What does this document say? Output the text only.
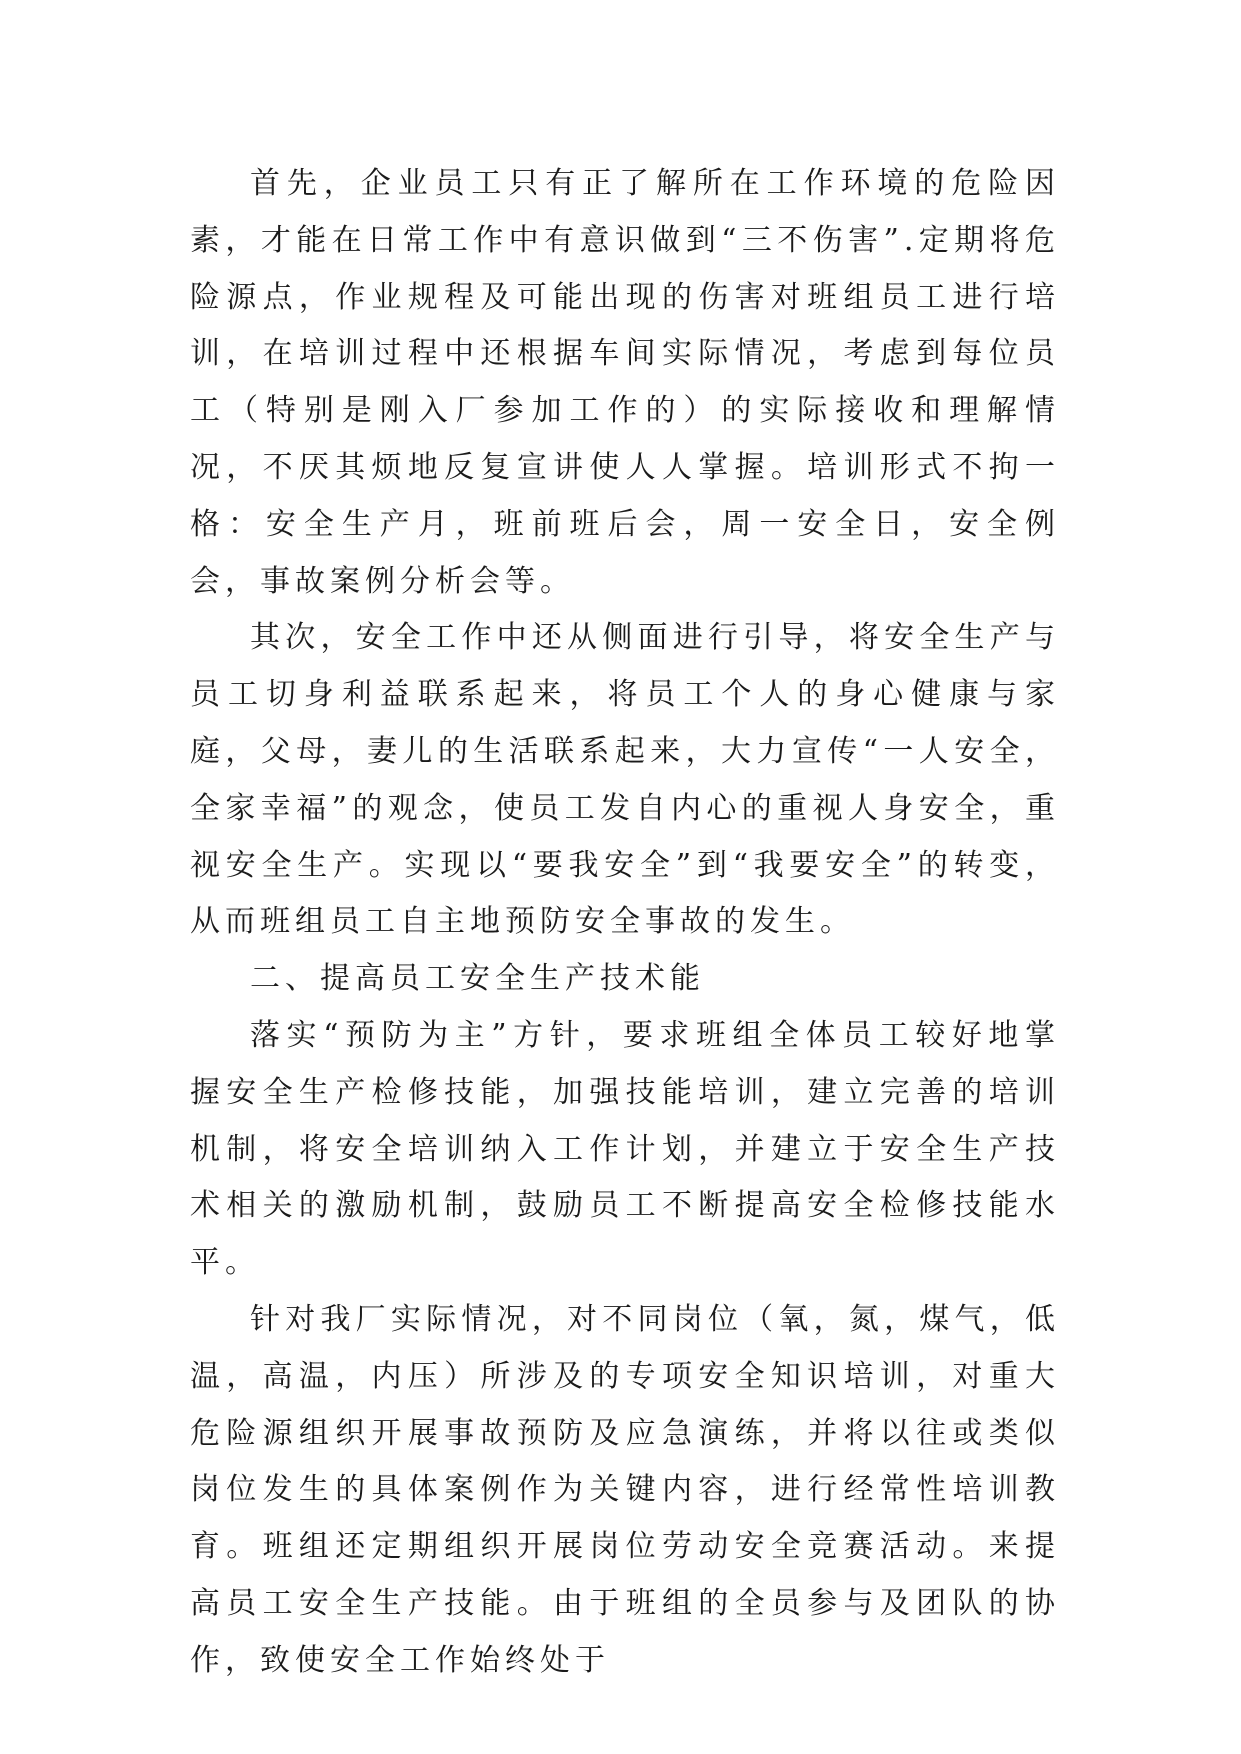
首先，企业员工只有正了解所在工作环境的危险因素，才能在日常工作中有意识做到“三不伤害”.定期将危险源点，作业规程及可能出现的伤害对班组员工进行培训，在培训过程中还根据车间实际情况，考虑到每位员工（特别是刚入厂参加工作的）的实际接收和理解情况，不厌其烦地反复宣讲使人人掌握。培训形式不拘一格：安全生产月，班前班后会，周一安全日，安全例会，事故案例分析会等。

其次，安全工作中还从侧面进行引导，将安全生产与员工切身利益联系起来，将员工个人的身心健康与家庭，父母，妻儿的生活联系起来，大力宣传“一人安全，全家幸福”的观念，使员工发自内心的重视人身安全，重视安全生产。实现以“要我安全”到“我要安全”的转变，从而班组员工自主地预防安全事故的发生。

二、提高员工安全生产技术能

落实“预防为主”方针，要求班组全体员工较好地掌握安全生产检修技能，加强技能培训，建立完善的培训机制，将安全培训纳入工作计划，并建立于安全生产技术相关的激励机制，鼓励员工不断提高安全检修技能水平。

针对我厂实际情况，对不同岗位（氧，氮，煤气，低温，高温，内压）所涉及的专项安全知识培训，对重大危险源组织开展事故预防及应急演练，并将以往或类似岗位发生的具体案例作为关键内容，进行经常性培训教育。班组还定期组织开展岗位劳动安全竞赛活动。来提高员工安全生产技能。由于班组的全员参与及团队的协作，致使安全工作始终处于
